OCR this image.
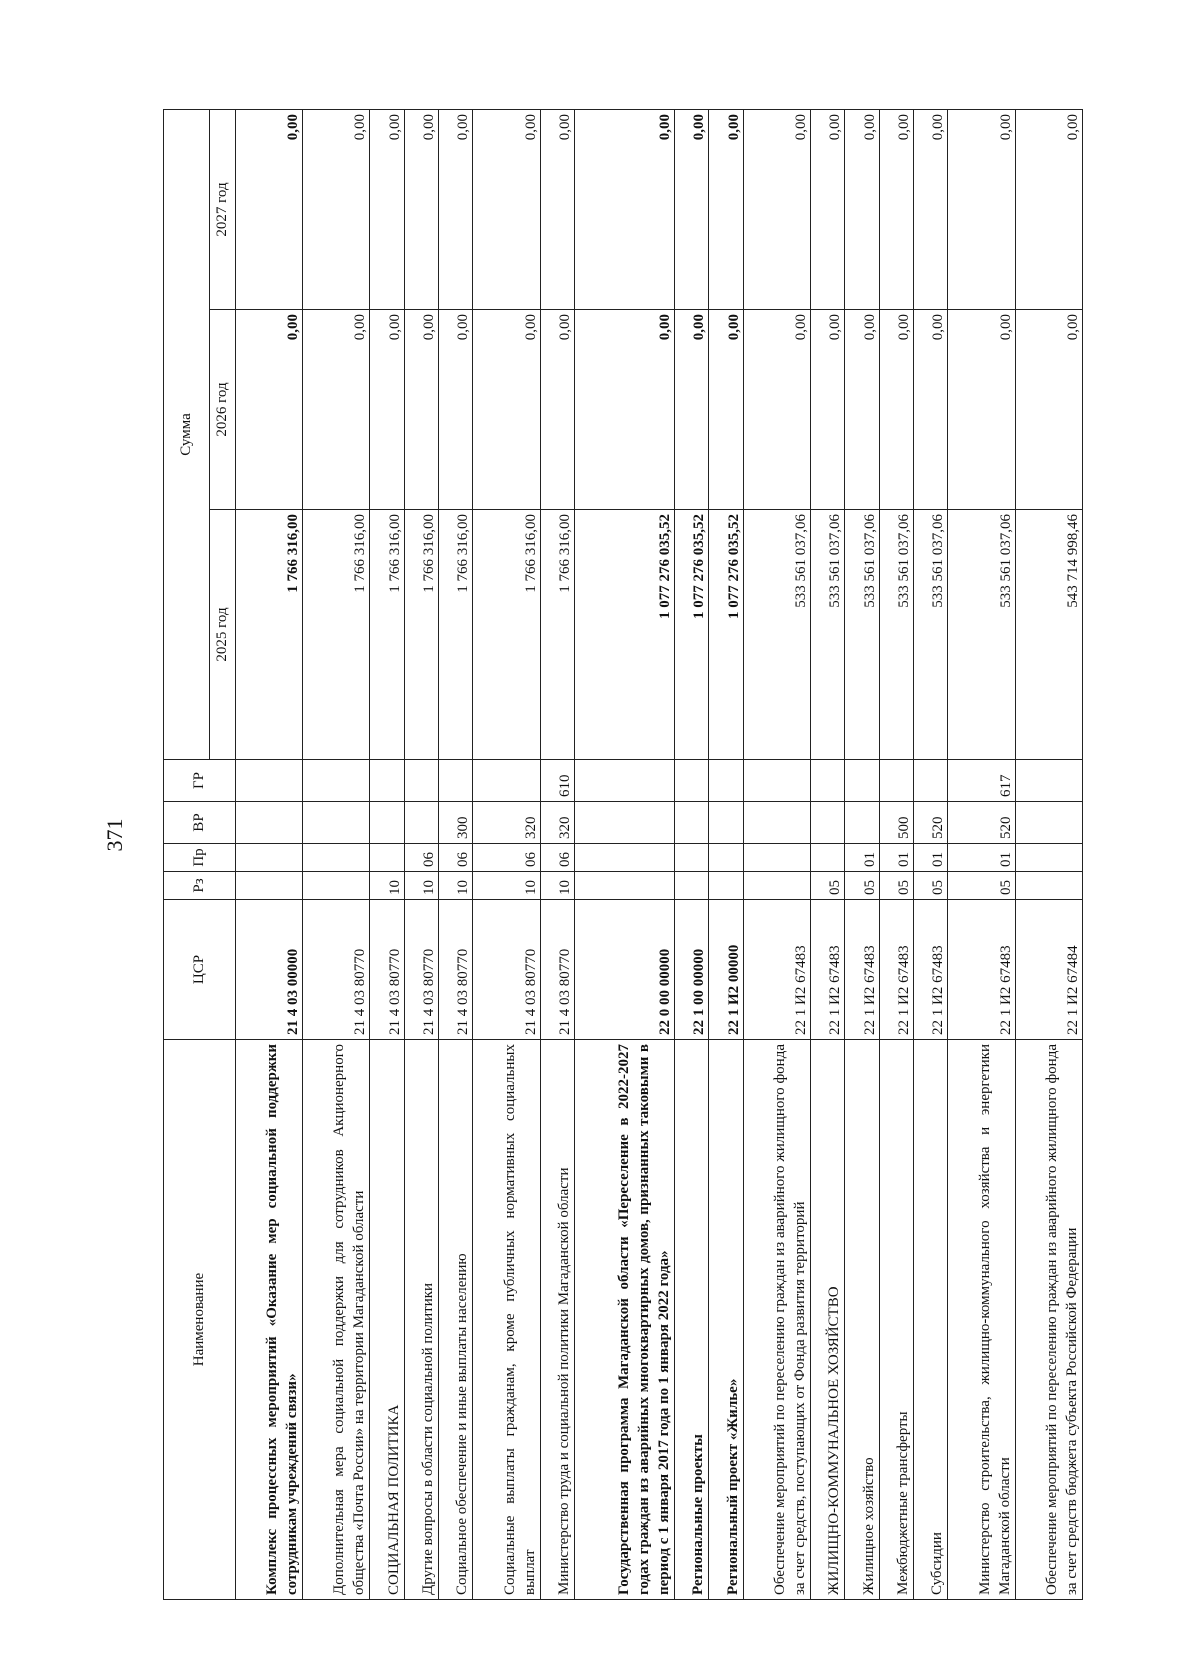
371
Наименование	ЦСР	Рз	Пр	ВР	ГР	Сумма		
						2025 год	2026 год	2027 год
Комплекс процессных мероприятий «Оказание мер социальной поддержки сотрудникам учреждений связи»	21 4 03 00000					1 766 316,00	0,00	0,00
Дополнительная мера социальной поддержки для сотрудников Акционерного общества «Почта России» на территории Магаданской области	21 4 03 80770					1 766 316,00	0,00	0,00
СОЦИАЛЬНАЯ ПОЛИТИКА	21 4 03 80770	10				1 766 316,00	0,00	0,00
Другие вопросы в области социальной политики	21 4 03 80770	10	06			1 766 316,00	0,00	0,00
Социальное обеспечение и иные выплаты населению	21 4 03 80770	10	06	300		1 766 316,00	0,00	0,00
Социальные выплаты гражданам, кроме публичных нормативных социальных выплат	21 4 03 80770	10	06	320		1 766 316,00	0,00	0,00
Министерство труда и социальной политики Магаданской области	21 4 03 80770	10	06	320	610	1 766 316,00	0,00	0,00
Государственная программа Магаданской области «Переселение в 2022-2027 годах граждан из аварийных многоквартирных домов, признанных таковыми в период с 1 января 2017 года по 1 января 2022 года»	22 0 00 00000					1 077 276 035,52	0,00	0,00
Региональные проекты	22 1 00 00000					1 077 276 035,52	0,00	0,00
Региональный проект «Жилье»	22 1 И2 00000					1 077 276 035,52	0,00	0,00
Обеспечение мероприятий по переселению граждан из аварийного жилищного фонда за счет средств, поступающих от Фонда развития территорий	22 1 И2 67483					533 561 037,06	0,00	0,00
ЖИЛИЩНО-КОММУНАЛЬНОЕ ХОЗЯЙСТВО	22 1 И2 67483	05				533 561 037,06	0,00	0,00
Жилищное хозяйство	22 1 И2 67483	05	01			533 561 037,06	0,00	0,00
Межбюджетные трансферты	22 1 И2 67483	05	01	500		533 561 037,06	0,00	0,00
Субсидии	22 1 И2 67483	05	01	520		533 561 037,06	0,00	0,00
Министерство строительства, жилищно-коммунального хозяйства и энергетики Магаданской области	22 1 И2 67483	05	01	520	617	533 561 037,06	0,00	0,00
Обеспечение мероприятий по переселению граждан из аварийного жилищного фонда за счет средств бюджета субъекта Российской Федерации	22 1 И2 67484					543 714 998,46	0,00	0,00
